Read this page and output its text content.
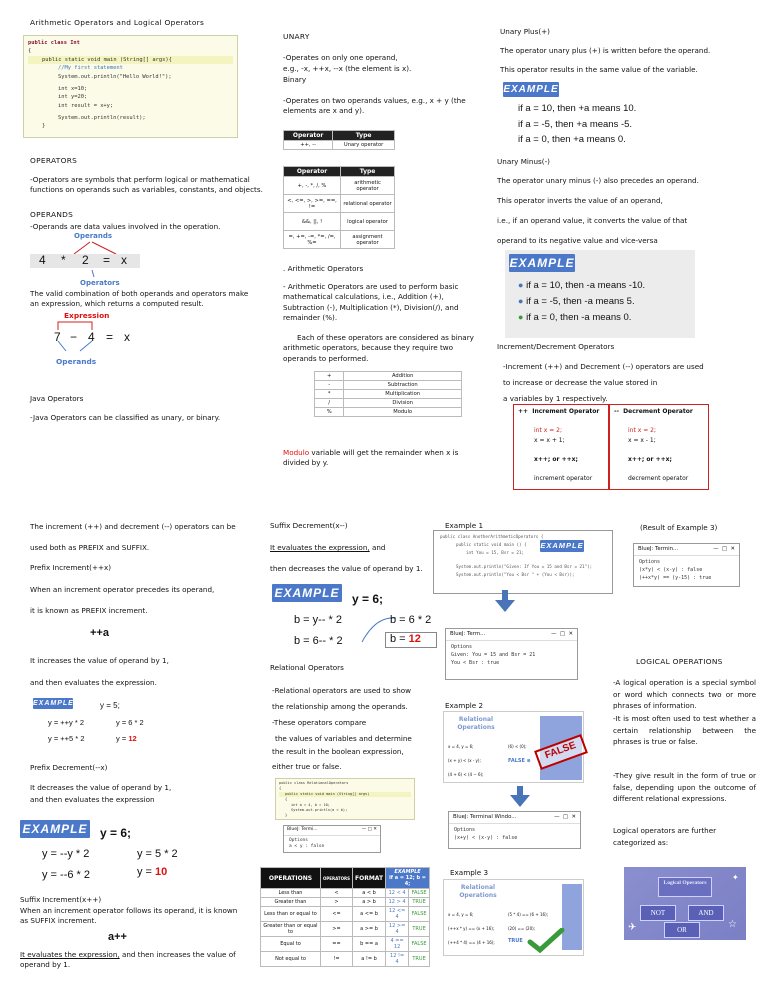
Arithmetic Operators and Logical Operators
public class Int
{
public static void main (String[] args){
//My first statement
System.out.println("Hello World!");
int x=10;
int y=20;
int result = x+y;
System.out.println(result);
}
OPERATORS
-Operators are symbols that perform logical or mathematical functions on operands such as variables, constants, and objects.
OPERANDS
-Operands are data values involved in the operation.
Operands
4 * 2 = x
Operators
The valid combination of both operands and operators make an expression, which returns a computed result.
Expression
7 − 4 = x
Operands
Java Operators
-Java Operators can be classified as unary, or binary.
UNARY
-Operates on only one operand,
e.g., -x, ++x, --x (the element is x).
Binary
-Operates on two operands values, e.g., x + y (the elements are x and y).
Operator	Type
++, --	Unary operator
Operator	Type
+, -, *, /, %	arithmetic operator
<, <=, >, >=, ==, !=	relational operator
&&, ||, !	logical operator
=, +=, -=, *=, /=, %=	assignment operator
. Arithmetic Operators
- Arithmetic Operators are used to perform basic mathematical calculations, i.e., Addition (+), Subtraction (-), Multiplication (*), Division(/), and remainder (%).
Each of these operators are considered as binary arithmetic operators, because they require two operands to performed.
+	Addition
-	Subtraction
*	Multiplication
/	Division
%	Modulo
Modulo variable will get the remainder when x is divided by y.
Unary Plus(+)
The operator unary plus (+) is written before the operand.
This operator results in the same value of the variable.
EXAMPLE
if a = 10, then +a means 10.
if a = -5, then +a means -5.
if a = 0, then +a means 0.
Unary Minus(-)
The operator unary minus (-) also precedes an operand.
This operator inverts the value of an operand,
i.e., if an operand value, it converts the value of that
operand to its negative value and vice-versa
EXAMPLE
● if a = 10, then -a means -10.
● if a = -5, then -a means 5.
● if a = 0, then -a means 0.
Increment/Decrement Operators
-Increment (++) and Decrement (--) operators are used
to increase or decrease the value stored in
a variables by 1 respectively.
++ Increment Operator
int x = 2;
x = x + 1;
x++; or ++x;
increment operator
-- Decrement Operator
int x = 2;
x = x - 1;
x++; or ++x;
decrement operator
The increment (++) and decrement (--) operators can be
used both as PREFIX and SUFFIX.
Prefix Increment(++x)
When an increment operator precedes its operand,
it is known as PREFIX increment.
++a
It increases the value of operand by 1,
and then evaluates the expression.
EXAMPLE	y = 5;
y = ++y * 2
y = ++5 * 2
y = 6 * 2
y = 12
Prefix Decrement(--x)
It decreases the value of operand by 1,
and then evaluates the expression
EXAMPLE y = 6;
y = --y * 2
y = --6 * 2
y = 5 * 2
y = 10
Suffix Increment(x++)
When an increment operator follows its operand, it is known as SUFFIX increment.
a++
It evaluates the expression, and then increases the value of operand by 1.
Suffix Decrement(x--)
It evaluates the expression, and
then decreases the value of operand by 1.
EXAMPLE y = 6;
b = y-- * 2
b = 6-- * 2
b = 6 * 2
b = 12
Relational Operators
-Relational operators are used to show
the relationship among the operands.
-These operators compare
the values of variables and determine
the result in the boolean expression,
either true or false.
public class RelationalOperators
{
public static void main (String[] args)
{
int a = 4, b = 10;
System.out.println(a < b);
}
BlueJ: Termi...	— □ ✕
Options
a < y : false
OPERATIONS	OPERATORS	FORMAT	EXAMPLE
if a = 12; b = 4;	
Less than	<	a < b	12 < 4	FALSE
Greater than	>	a > b	12 > 4	TRUE
Less than or equal to	<=	a <= b	12 <= 4	FALSE
Greater than or equal to	>=	a >= b	12 >= 4	TRUE
Equal to	==	b == a	4 == 12	FALSE
Not equal to	!=	a != b	12 != 4	TRUE
Example 1
public class AnotherArithmeticOperators {
public static void main () {
int You = 15, Bsr = 21;
System.out.println("Given: If You = 15 and Bsr = 21");
System.out.println("You < Bsr " + (You < Bsr));
EXAMPLE
BlueJ: Term...	—  □  ✕
Options
Given: You = 15 and Bsr = 21
You < Bsr : true
Example 2
Relational Operations
x = 4, y = 6;	(6) < (0);
(x + y) < (x - y);	FALSE ⊗
(4 + 6) < (4 − 6);
FALSE
BlueJ: Terminal Windo...	—  □  ✕
Options
(x+y) < (x-y) : false
Example 3
Relational Operations
x = 4, y = 6;	(5 * 4) == (6 + 16);
(++x * y) == (x + 16);	(20) == (20);
(++4 * 4) == (4 + 16);	TRUE
(Result of Example 3)
BlueJ: Termin...	—  □  ✕
Options
(x*y) < (x-y) : false
(++x*y) == (y-15) : true
LOGICAL OPERATIONS
-A logical operation is a special symbol or word which connects two or more phrases of information.
-It is most often used to test whether a certain relationship between the phrases is true or false.
-They give result in the form of true or false, depending upon the outcome of different relational expressions.
Logical operators are further categorized as:
Logical Operators
NOT	AND
OR
✈	☆
✦
